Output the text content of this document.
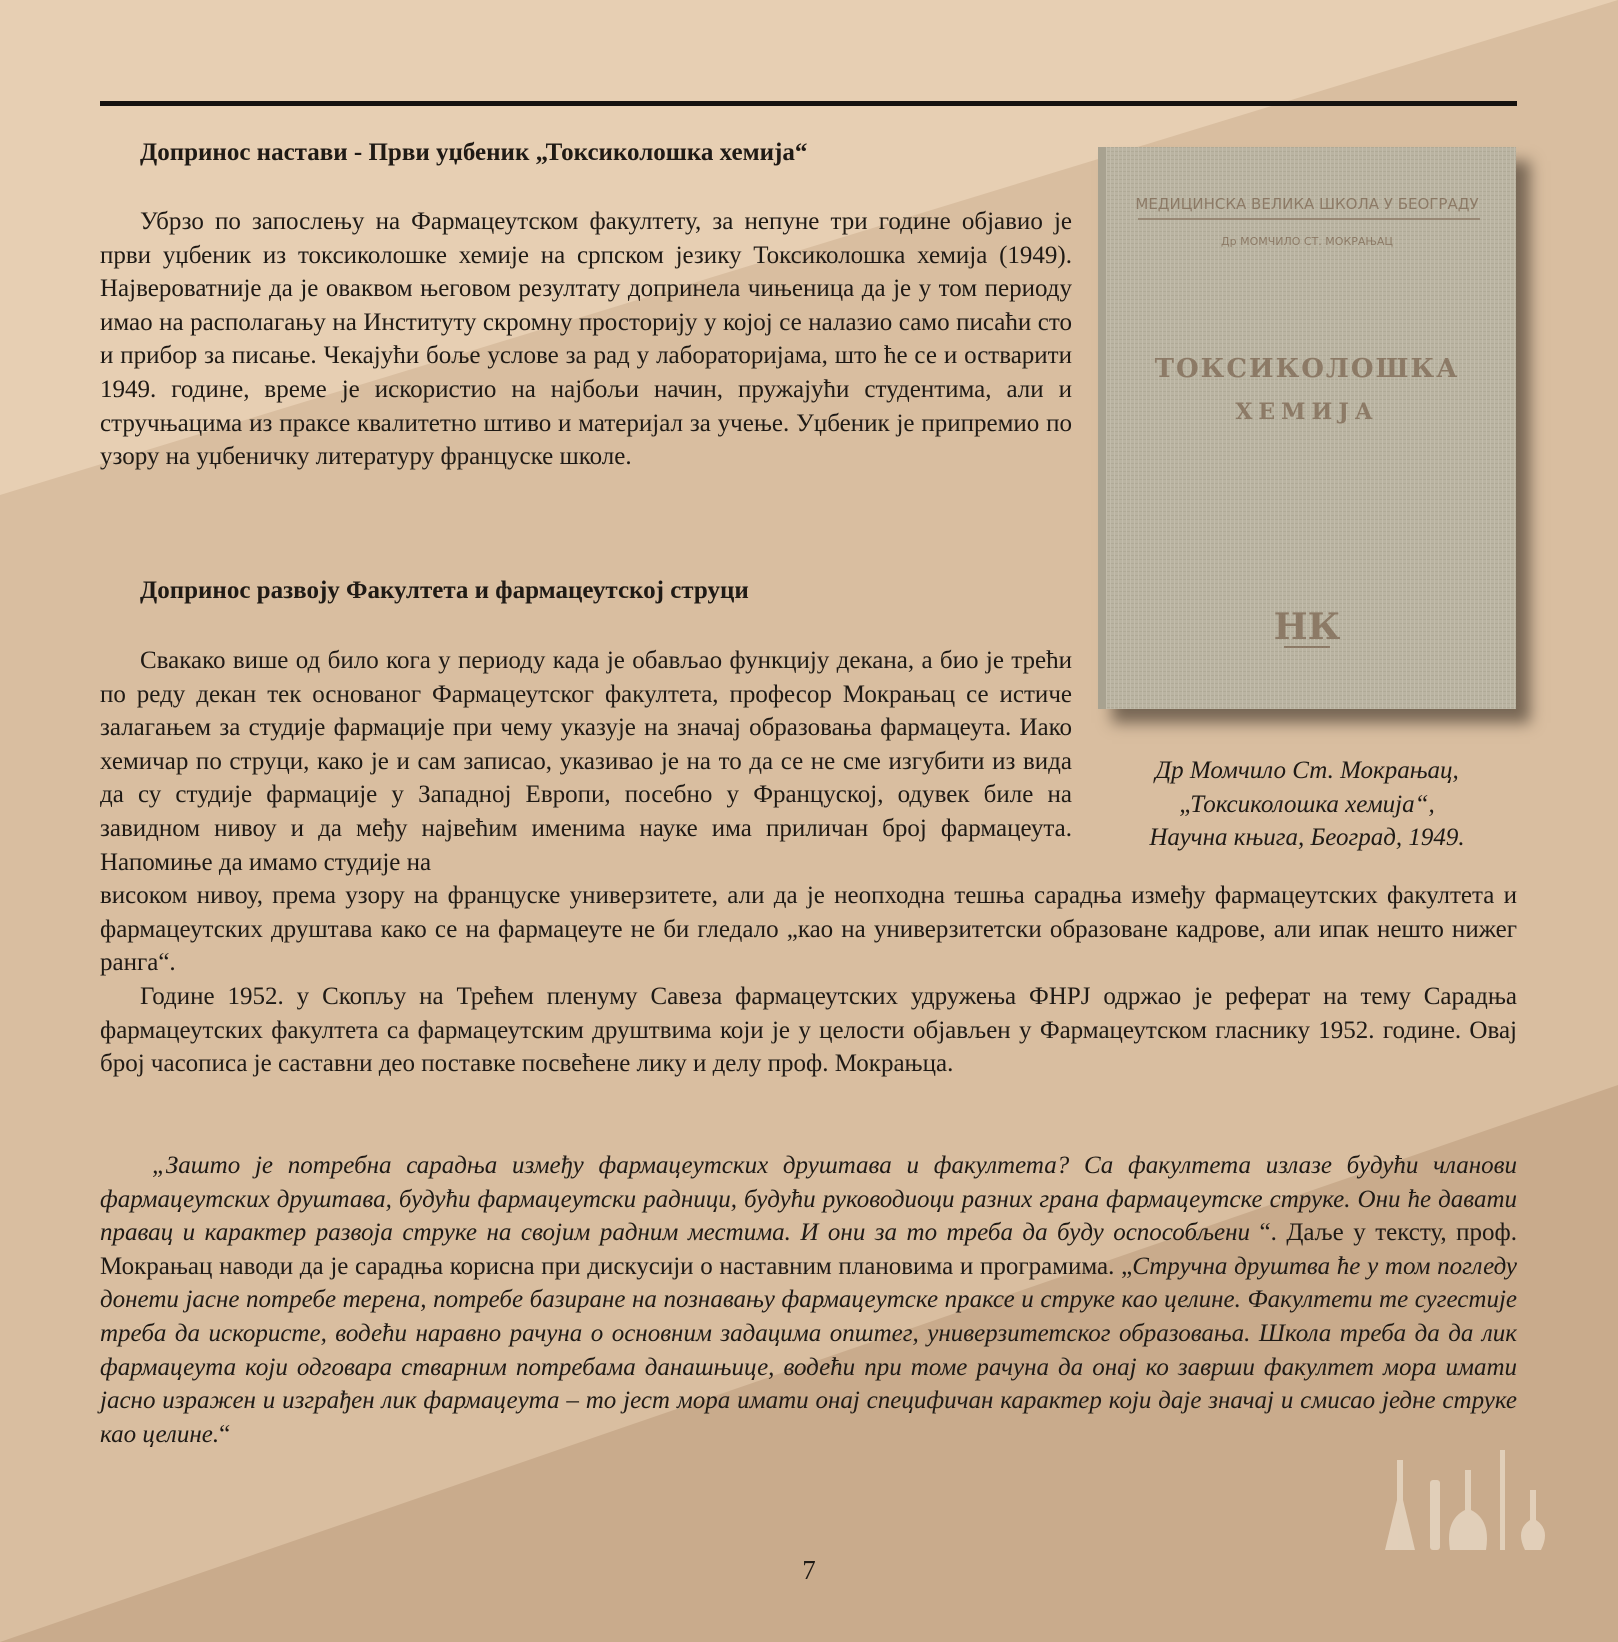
Допринос настави - Први уџбеник „Токсиколошка хемија“

Убрзо по запослењу на Фармацеутском факултету, за непуне три године објавио је први уџбеник из токсиколошке хемије на српском језику Токсиколошка хемија (1949). Највероватније да је оваквом његовом резултату допринела чињеница да је у том периоду имао на располагању на Институту скромну просторију у којој се налазио само писаћи сто и прибор за писање. Чекајући боље услове за рад у лабораторијама, што ће се и остварити 1949. године, време је искористио на најбољи начин, пружајући студентима, али и стручњацима из праксе квалитетно штиво и материјал за учење. Уџбеник је припремио по узору на уџбеничку литературу француске школе.

Допринос развоју Факултета и фармацеутској струци

Свакако више од било кога у периоду када је обављао функцију декана, а био је трећи по реду декан тек основаног Фармацеутског факултета, професор Мокрањац се истиче залагањем за студије фармације при чему указује на значај образовања фармацеута. Иако хемичар по струци, како је и сам записао, указивао је на то да се не сме изгубити из вида да су студије фармације у Западној Европи, посебно у Француској, одувек биле на завидном нивоу и да међу највећим именима науке има приличан број фармацеута. Напомиње да имамо студије на

високом нивоу, према узору на француске универзитете, али да је неопходна тешња сарадња између фармацеутских факултета и фармацеутских друштава како се на фармацеуте не би гледало „као на универзитетски образоване кадрове, али ипак нешто нижег ранга“.

Године 1952. у Скопљу на Трећем пленуму Савеза фармацеутских удружења ФНРЈ одржао је реферат на тему Сарадња фармацеутских факултета са фармацеутским друштвима који је у целости објављен у Фармацеутском гласнику 1952. године. Овај број часописа је саставни део поставке посвећене лику и делу проф. Мокрањца.

МЕДИЦИНСКА ВЕЛИКА ШКОЛА У БЕОГРАДУ
Др МОМЧИЛО СТ. МОКРАЊАЦ
ТОКСИКОЛОШКА
ХЕМИЈА
НК
Др Момчило Ст. Мокрањац,
„Токсиколошка хемија“,
Научна књига, Београд, 1949.

„Зашто је потребна сарадња између фармацеутских друштава и факултета? Са факултета излазе будући чланови фармацеутских друштава, будући фармацеутски радници, будући руководиоци разних грана фармацеутске струке. Они ће давати правац и карактер развоја струке на својим радним местима. И они за то треба да буду оспособљени “. Даље у тексту, проф. Мокрањац наводи да је сарадња корисна при дискусији о наставним плановима и програмима. „Стручна друштва ће у том погледу донети јасне потребе терена, потребе базиране на познавању фармацеутске праксе и струке као целине. Факултети те сугестије треба да искористе, водећи наравно рачуна о основним задацима општег, универзитетског образовања. Школа треба да да лик фармацеута који одговара стварним потребама данашњице, водећи при томе рачуна да онај ко заврши факултет мора имати јасно изражен и изграђен лик фармацеута – то јест мора имати онај специфичан карактер који даје значај и смисао једне струке као целине.“

7
